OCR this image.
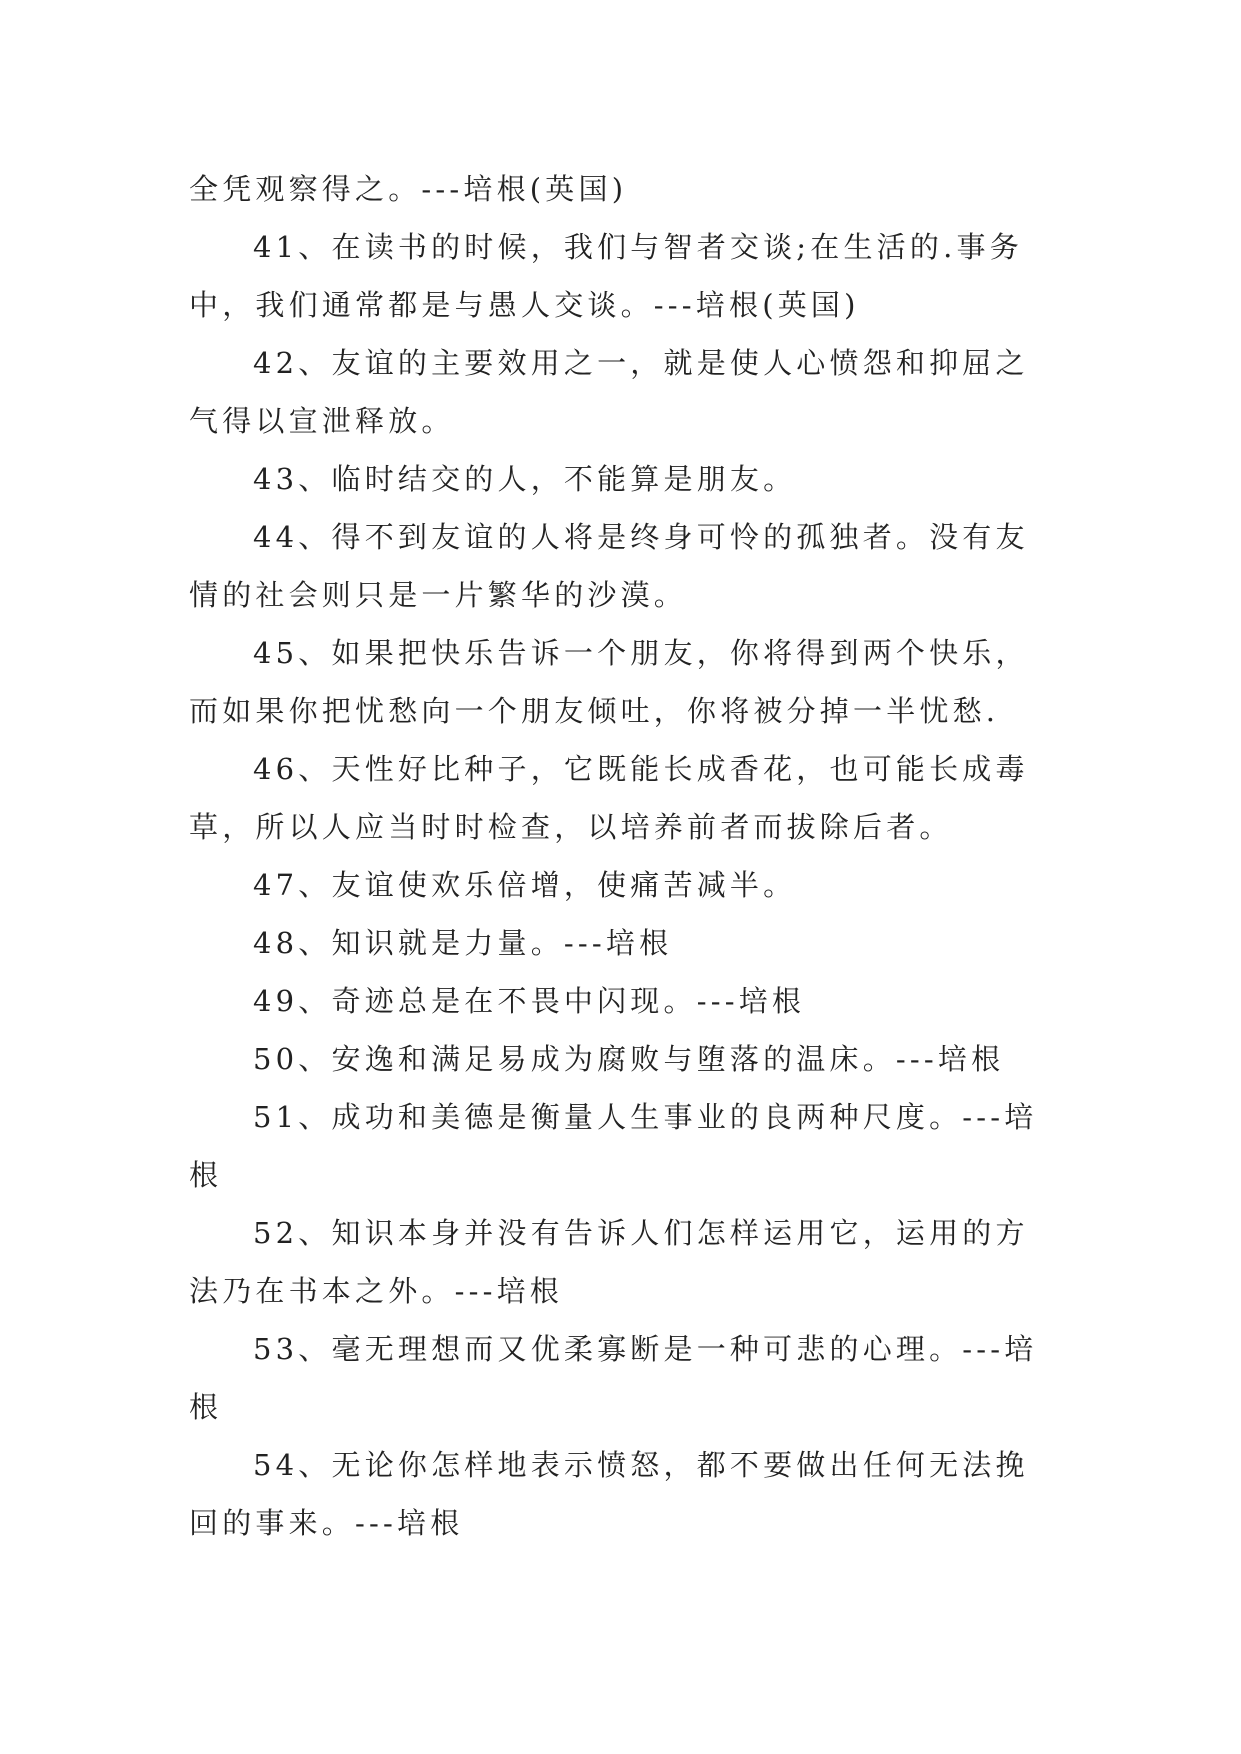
全凭观察得之。---培根(英国)

41、在读书的时候，我们与智者交谈;在生活的.事务中，我们通常都是与愚人交谈。---培根(英国)

42、友谊的主要效用之一，就是使人心愤怨和抑屈之气得以宣泄释放。

43、临时结交的人，不能算是朋友。

44、得不到友谊的人将是终身可怜的孤独者。没有友情的社会则只是一片繁华的沙漠。

45、如果把快乐告诉一个朋友，你将得到两个快乐，而如果你把忧愁向一个朋友倾吐，你将被分掉一半忧愁.

46、天性好比种子，它既能长成香花，也可能长成毒草，所以人应当时时检查，以培养前者而拔除后者。

47、友谊使欢乐倍增，使痛苦减半。

48、知识就是力量。---培根

49、奇迹总是在不畏中闪现。---培根

50、安逸和满足易成为腐败与堕落的温床。---培根

51、成功和美德是衡量人生事业的良两种尺度。---培根

52、知识本身并没有告诉人们怎样运用它，运用的方法乃在书本之外。---培根

53、毫无理想而又优柔寡断是一种可悲的心理。---培根

54、无论你怎样地表示愤怒，都不要做出任何无法挽回的事来。---培根
